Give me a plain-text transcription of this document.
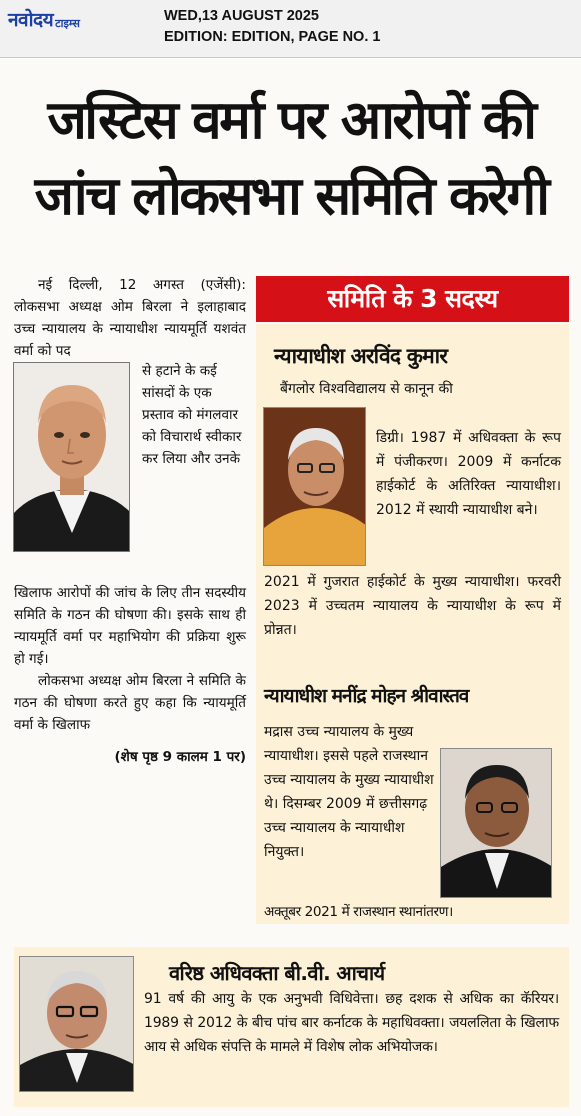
नवोदय टाइम्स	WED,13 AUGUST 2025
EDITION: EDITION, PAGE NO. 1
जस्टिस वर्मा पर आरोपों की
जांच लोकसभा समिति करेगी
नई दिल्ली, 12 अगस्त (एजेंसी): लोकसभा अध्यक्ष ओम बिरला ने इलाहाबाद उच्च न्यायालय के न्यायाधीश न्यायमूर्ति यशवंत वर्मा को पद
से हटाने के कई सांसदों के एक प्रस्ताव को मंगलवार को विचारार्थ स्वीकार कर लिया और उनके
खिलाफ आरोपों की जांच के लिए तीन सदस्यीय समिति के गठन की घोषणा की। इसके साथ ही न्यायमूर्ति वर्मा पर महाभियोग की प्रक्रिया शुरू हो गई।
लोकसभा अध्यक्ष ओम बिरला ने समिति के गठन की घोषणा करते हुए कहा कि न्यायमूर्ति वर्मा के खिलाफ
(शेष पृष्ठ 9 कालम 1 पर)
समिति के 3 सदस्य
न्यायाधीश अरविंद कुमार
बैंगलोर विश्वविद्यालय से कानून की
डिग्री। 1987 में अधिवक्ता के रूप में पंजीकरण। 2009 में कर्नाटक हाईकोर्ट के अतिरिक्त न्यायाधीश। 2012 में स्थायी न्यायाधीश बने।
2021 में गुजरात हाईकोर्ट के मुख्य न्यायाधीश। फरवरी 2023 में उच्चतम न्यायालय के न्यायाधीश के रूप में प्रोन्नत।
न्यायाधीश मनींद्र मोहन श्रीवास्तव
मद्रास उच्च न्यायालय के मुख्य
न्यायाधीश। इससे पहले राजस्थान उच्च न्यायालय के मुख्य न्यायाधीश थे। दिसम्बर 2009 में छत्तीसगढ़ उच्च न्यायालय के न्यायाधीश नियुक्त।
अक्तूबर 2021 में राजस्थान स्थानांतरण।
वरिष्ठ अधिवक्ता बी.वी. आचार्य
91 वर्ष की आयु के एक अनुभवी विधिवेत्ता। छह दशक से अधिक का कॅरियर। 1989 से 2012 के बीच पांच बार कर्नाटक के महाधिवक्ता। जयललिता के खिलाफ आय से अधिक संपत्ति के मामले में विशेष लोक अभियोजक।
